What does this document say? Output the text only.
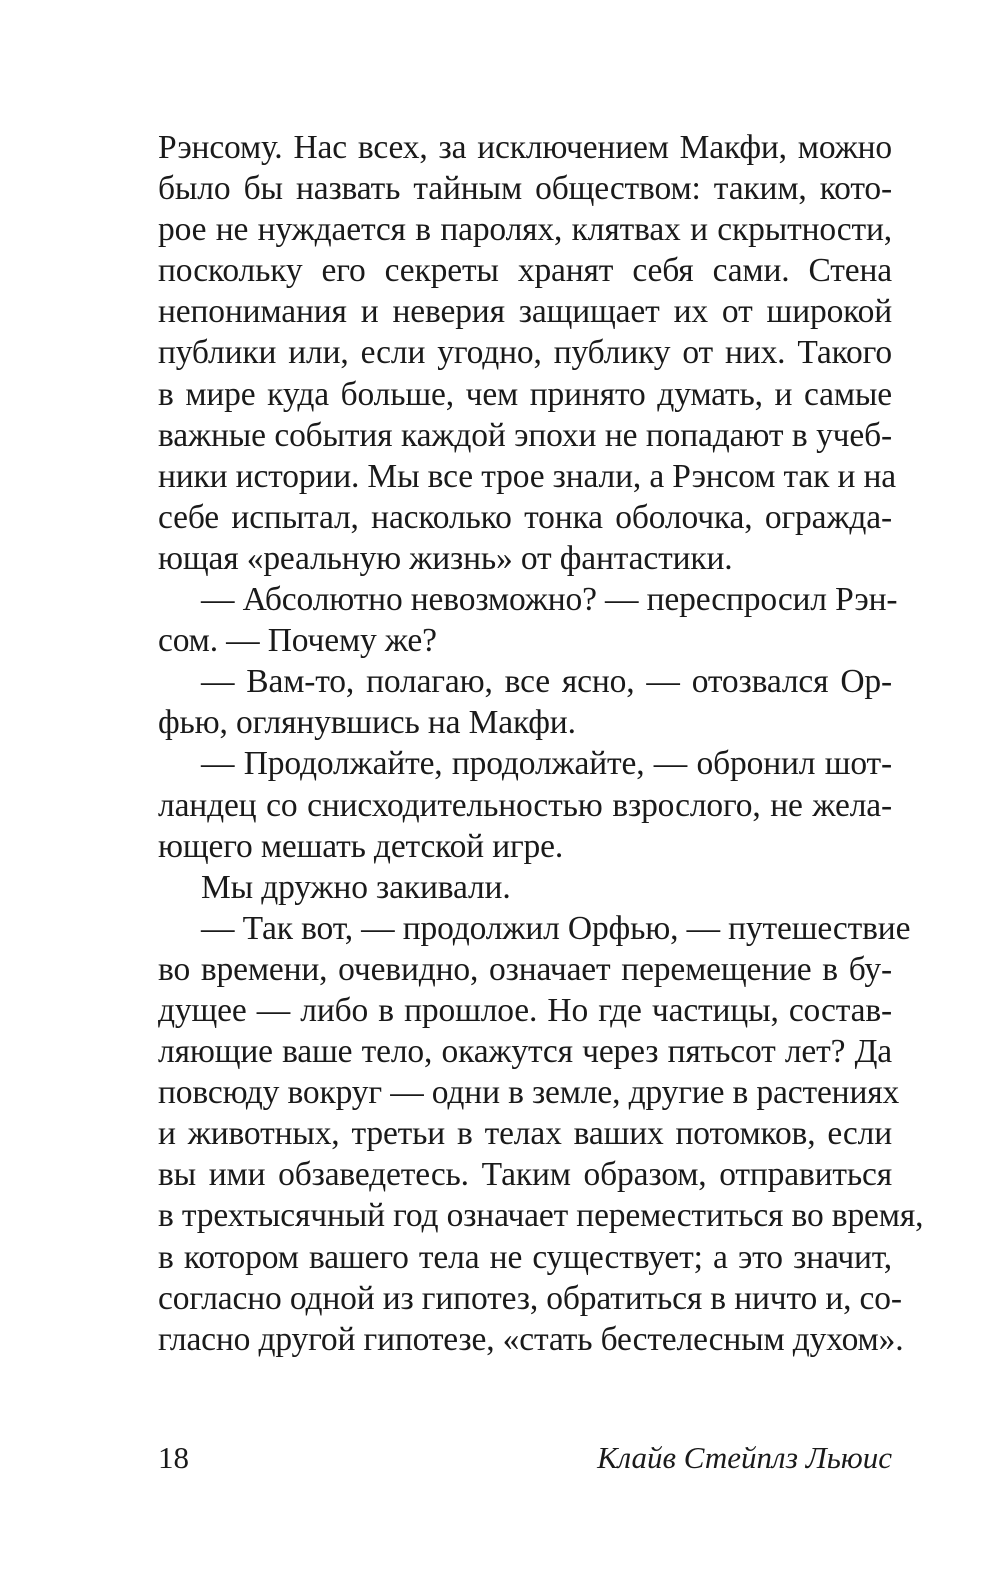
Рэнсому. Нас всех, за исключением Макфи, можно
было бы назвать тайным обществом: таким, кото-
рое не нуждается в паролях, клятвах и скрытности,
поскольку его секреты хранят себя сами. Стена
непонимания и неверия защищает их от широкой
публики или, если угодно, публику от них. Такого
в мире куда больше, чем принято думать, и самые
важные события каждой эпохи не попадают в учеб-
ники истории. Мы все трое знали, а Рэнсом так и на
себе испытал, насколько тонка оболочка, огражда-
ющая «реальную жизнь» от фантастики.
— Абсолютно невозможно? — переспросил Рэн-
сом. — Почему же?
— Вам-то, полагаю, все ясно, — отозвался Ор-
фью, оглянувшись на Макфи.
— Продолжайте, продолжайте, — обронил шот-
ландец со снисходительностью взрослого, не жела-
ющего мешать детской игре.
Мы дружно закивали.
— Так вот, — продолжил Орфью, — путешествие
во времени, очевидно, означает перемещение в бу-
дущее — либо в прошлое. Но где частицы, состав-
ляющие ваше тело, окажутся через пятьсот лет? Да
повсюду вокруг — одни в земле, другие в растениях
и животных, третьи в телах ваших потомков, если
вы ими обзаведетесь. Таким образом, отправиться
в трехтысячный год означает переместиться во время,
в котором вашего тела не существует; а это значит,
согласно одной из гипотез, обратиться в ничто и, со-
гласно другой гипотезе, «стать бестелесным духом».
18	Клайв Стейплз Льюис
